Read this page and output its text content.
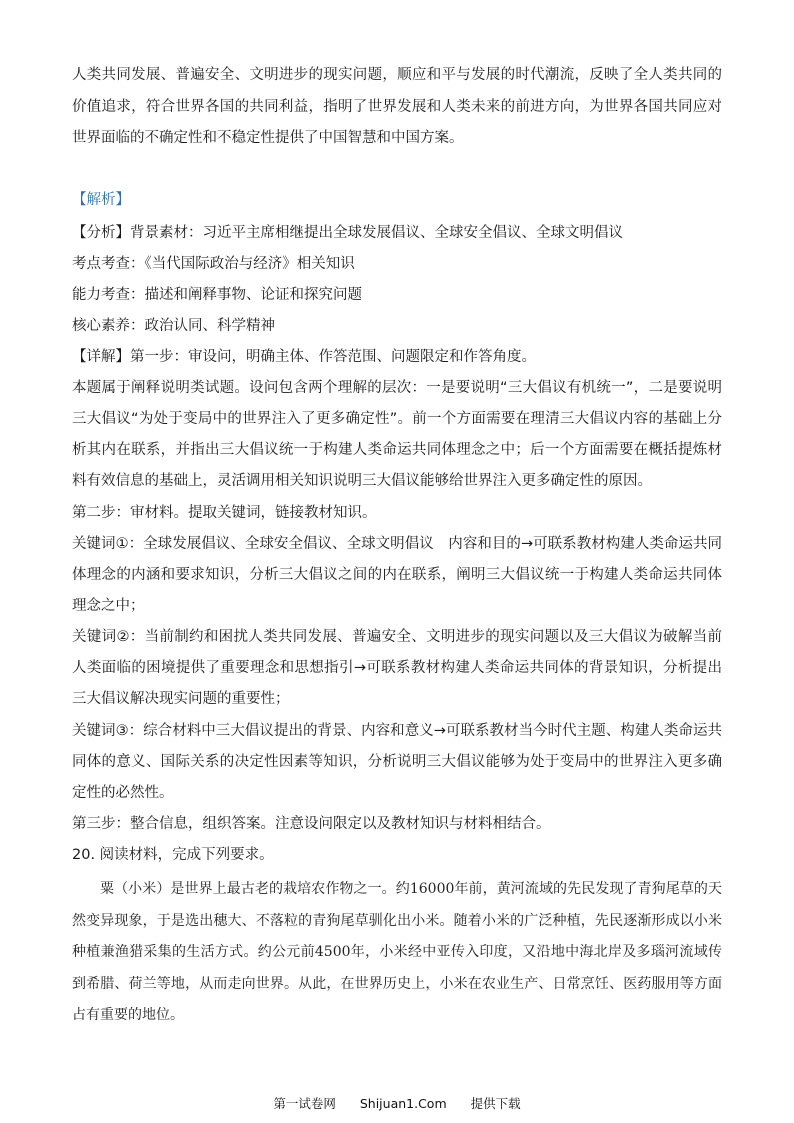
人类共同发展、普遍安全、文明进步的现实问题，顺应和平与发展的时代潮流，反映了全人类共同的价值追求，符合世界各国的共同利益，指明了世界发展和人类未来的前进方向，为世界各国共同应对世界面临的不确定性和不稳定性提供了中国智慧和中国方案。

【解析】

【分析】背景素材：习近平主席相继提出全球发展倡议、全球安全倡议、全球文明倡议

考点考查：《当代国际政治与经济》相关知识

能力考查：描述和阐释事物、论证和探究问题

核心素养：政治认同、科学精神

【详解】第一步：审设问，明确主体、作答范围、问题限定和作答角度。

本题属于阐释说明类试题。设问包含两个理解的层次：一是要说明“三大倡议有机统一”，二是要说明三大倡议“为处于变局中的世界注入了更多确定性”。前一个方面需要在理清三大倡议内容的基础上分析其内在联系，并指出三大倡议统一于构建人类命运共同体理念之中；后一个方面需要在概括提炼材料有效信息的基础上，灵活调用相关知识说明三大倡议能够给世界注入更多确定性的原因。

第二步：审材料。提取关键词，链接教材知识。

关键词①：全球发展倡议、全球安全倡议、全球文明倡议　内容和目的→可联系教材构建人类命运共同体理念的内涵和要求知识，分析三大倡议之间的内在联系，阐明三大倡议统一于构建人类命运共同体理念之中；

关键词②：当前制约和困扰人类共同发展、普遍安全、文明进步的现实问题以及三大倡议为破解当前人类面临的困境提供了重要理念和思想指引→可联系教材构建人类命运共同体的背景知识，分析提出三大倡议解决现实问题的重要性；

关键词③：综合材料中三大倡议提出的背景、内容和意义→可联系教材当今时代主题、构建人类命运共同体的意义、国际关系的决定性因素等知识，分析说明三大倡议能够为处于变局中的世界注入更多确定性的必然性。

第三步：整合信息，组织答案。注意设问限定以及教材知识与材料相结合。

20. 阅读材料，完成下列要求。

粟（小米）是世界上最古老的栽培农作物之一。约16000年前，黄河流域的先民发现了青狗尾草的天然变异现象，于是选出穗大、不落粒的青狗尾草驯化出小米。随着小米的广泛种植，先民逐渐形成以小米种植兼渔猎采集的生活方式。约公元前4500年，小米经中亚传入印度，又沿地中海北岸及多瑙河流域传到希腊、荷兰等地，从而走向世界。从此，在世界历史上，小米在农业生产、日常烹饪、医药服用等方面占有重要的地位。

第一试卷网 Shijuan1.Com 提供下载
